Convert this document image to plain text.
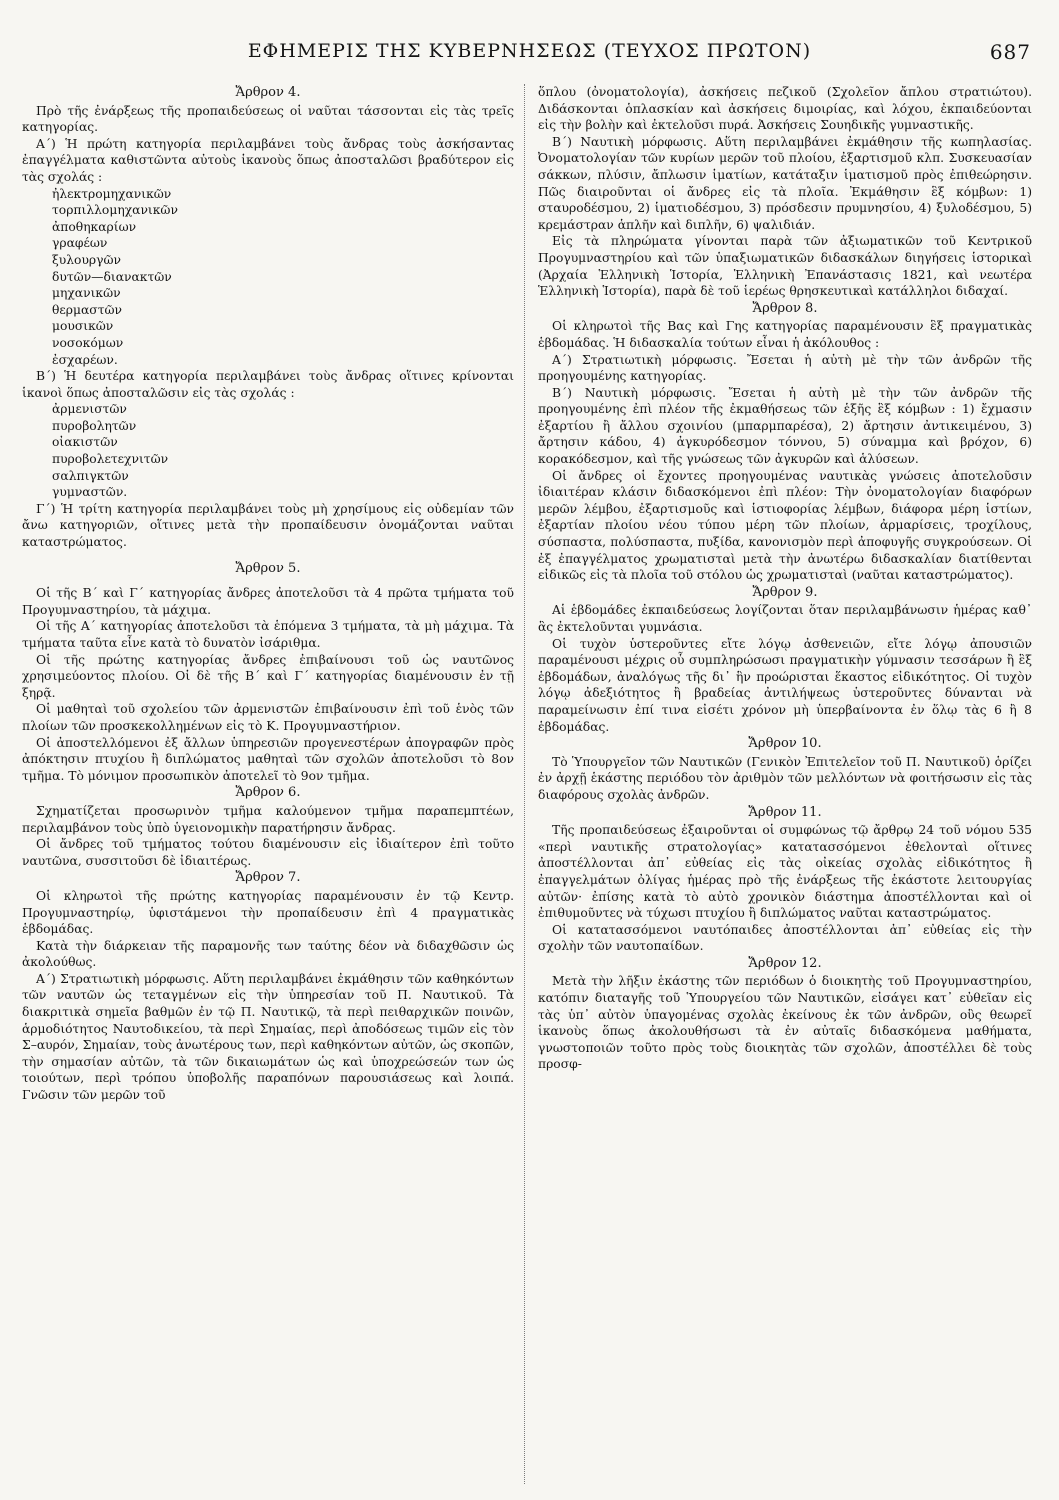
ΕΦΗΜΕΡΙΣ ΤΗΣ ΚΥΒΕΡΝΗΣΕΩΣ (ΤΕΥΧΟΣ ΠΡΩΤΟΝ)	687

Ἄρθρον 4.

Πρὸ τῆς ἐνάρξεως τῆς προπαιδεύσεως οἱ ναῦται τάσσονται εἰς τὰς τρεῖς κατηγορίας.

Α΄) Ἡ πρώτη κατηγορία περιλαμβάνει τοὺς ἄνδρας τοὺς ἀσκήσαντας ἐπαγγέλματα καθιστῶντα αὐτοὺς ἱκανοὺς ὅπως ἀποσταλῶσι βραδύτερον εἰς τὰς σχολάς :

ἠλεκτρομηχανικῶν
τορπιλλομηχανικῶν
ἀποθηκαρίων
γραφέων
ξυλουργῶν
δυτῶν—διανακτῶν
μηχανικῶν
θερμαστῶν
μουσικῶν
νοσοκόμων
ἐσχαρέων.

Β΄) Ἡ δευτέρα κατηγορία περιλαμβάνει τοὺς ἄνδρας οἵτινες κρίνονται ἱκανοὶ ὅπως ἀποσταλῶσιν εἰς τὰς σχολάς :

ἀρμενιστῶν
πυροβολητῶν
οἰακιστῶν
πυροβολετεχνιτῶν
σαλπιγκτῶν
γυμναστῶν.

Γ΄) Ἡ τρίτη κατηγορία περιλαμβάνει τοὺς μὴ χρησίμους εἰς οὐδεμίαν τῶν ἄνω κατηγοριῶν, οἵτινες μετὰ τὴν προπαίδευσιν ὀνομάζονται ναῦται καταστρώματος.

Ἄρθρον 5.

Οἱ τῆς Β΄ καὶ Γ΄ κατηγορίας ἄνδρες ἀποτελοῦσι τὰ 4 πρῶτα τμήματα τοῦ Προγυμναστηρίου, τὰ μάχιμα.

Οἱ τῆς Α΄ κατηγορίας ἀποτελοῦσι τὰ ἑπόμενα 3 τμήματα, τὰ μὴ μάχιμα. Τὰ τμήματα ταῦτα εἶνε κατὰ τὸ δυνατὸν ἰσάριθμα.

Οἱ τῆς πρώτης κατηγορίας ἄνδρες ἐπιβαίνουσι τοῦ ὡς ναυτῶνος χρησιμεύοντος πλοίου. Οἱ δὲ τῆς Β΄ καὶ Γ΄ κατηγορίας διαμένουσιν ἐν τῇ ξηρᾷ.

Οἱ μαθηταὶ τοῦ σχολείου τῶν ἀρμενιστῶν ἐπιβαίνουσιν ἐπὶ τοῦ ἑνὸς τῶν πλοίων τῶν προσκεκολλημένων εἰς τὸ Κ. Προγυμναστήριον.

Οἱ ἀποστελλόμενοι ἐξ ἄλλων ὑπηρεσιῶν προγενεστέρων ἀπογραφῶν πρὸς ἀπόκτησιν πτυχίου ἢ διπλώματος μαθηταὶ τῶν σχολῶν ἀποτελοῦσι τὸ 8ον τμῆμα. Τὸ μόνιμον προσωπικὸν ἀποτελεῖ τὸ 9ον τμῆμα.

Ἄρθρον 6.

Σχηματίζεται προσωρινὸν τμῆμα καλούμενον τμῆμα παραπεμπτέων, περιλαμβάνον τοὺς ὑπὸ ὑγειονομικὴν παρατήρησιν ἄνδρας.

Οἱ ἄνδρες τοῦ τμήματος τούτου διαμένουσιν εἰς ἰδιαίτερον ἐπὶ τοῦτο ναυτῶνα, συσσιτοῦσι δὲ ἰδιαιτέρως.

Ἄρθρον 7.

Οἱ κληρωτοὶ τῆς πρώτης κατηγορίας παραμένουσιν ἐν τῷ Κεντρ. Προγυμναστηρίῳ, ὑφιστάμενοι τὴν προπαίδευσιν ἐπὶ 4 πραγματικὰς ἑβδομάδας.

Κατὰ τὴν διάρκειαν τῆς παραμονῆς των ταύτης δέον νὰ διδαχθῶσιν ὡς ἀκολούθως.

Α΄) Στρατιωτικὴ μόρφωσις. Αὕτη περιλαμβάνει ἐκμάθησιν τῶν καθηκόντων τῶν ναυτῶν ὡς τεταγμένων εἰς τὴν ὑπηρεσίαν τοῦ Π. Ναυτικοῦ. Τὰ διακριτικὰ σημεῖα βαθμῶν ἐν τῷ Π. Ναυτικῷ, τὰ περὶ πειθαρχικῶν ποινῶν, ἁρμοδιότητος Ναυτοδικείου, τὰ περὶ Σημαίας, περὶ ἀποδόσεως τιμῶν εἰς τὸν Σ–αυρόν, Σημαίαν, τοὺς ἀνωτέρους των, περὶ καθηκόντων αὐτῶν, ὡς σκοπῶν, τὴν σημασίαν αὐτῶν, τὰ τῶν δικαιωμάτων ὡς καὶ ὑποχρεώσεών των ὡς τοιούτων, περὶ τρόπου ὑποβολῆς παραπόνων παρουσιάσεως καὶ λοιπά. Γνῶσιν τῶν μερῶν τοῦ

ὅπλου (ὀνοματολογία), ἀσκήσεις πεζικοῦ (Σχολεῖον ἄπλου στρατιώτου). Διδάσκονται ὁπλασκίαν καὶ ἀσκήσεις διμοιρίας, καὶ λόχου, ἐκπαιδεύονται εἰς τὴν βολὴν καὶ ἐκτελοῦσι πυρά. Ἀσκήσεις Σουηδικῆς γυμναστικῆς.

Β΄) Ναυτικὴ μόρφωσις. Αὕτη περιλαμβάνει ἐκμάθησιν τῆς κωπηλασίας. Ὀνοματολογίαν τῶν κυρίων μερῶν τοῦ πλοίου, ἐξαρτισμοῦ κλπ. Συσκευασίαν σάκκων, πλύσιν, ἄπλωσιν ἱματίων, κατάταξιν ἱματισμοῦ πρὸς ἐπιθεώρησιν. Πῶς διαιροῦνται οἱ ἄνδρες εἰς τὰ πλοῖα. Ἐκμάθησιν ἓξ κόμβων: 1) σταυροδέσμου, 2) ἱματιοδέσμου, 3) πρόσδεσιν πρυμνησίου, 4) ξυλοδέσμου, 5) κρεμάστραν ἁπλῆν καὶ διπλῆν, 6) ψαλιδιάν.

Εἰς τὰ πληρώματα γίνονται παρὰ τῶν ἀξιωματικῶν τοῦ Κεντρικοῦ Προγυμναστηρίου καὶ τῶν ὑπαξιωματικῶν διδασκάλων διηγήσεις ἱστορικαὶ (Ἀρχαία Ἑλληνικὴ Ἱστορία, Ἑλληνικὴ Ἐπανάστασις 1821, καὶ νεωτέρα Ἑλληνικὴ Ἱστορία), παρὰ δὲ τοῦ ἱερέως θρησκευτικαὶ κατάλληλοι διδαχαί.

Ἄρθρον 8.

Οἱ κληρωτοὶ τῆς Βας καὶ Γης κατηγορίας παραμένουσιν ἓξ πραγματικὰς ἑβδομάδας. Ἡ διδασκαλία τούτων εἶναι ἡ ἀκόλουθος :

Α΄) Στρατιωτικὴ μόρφωσις. Ἔσεται ἡ αὐτὴ μὲ τὴν τῶν ἀνδρῶν τῆς προηγουμένης κατηγορίας.

Β΄) Ναυτικὴ μόρφωσις. Ἔσεται ἡ αὐτὴ μὲ τὴν τῶν ἀνδρῶν τῆς προηγουμένης ἐπὶ πλέον τῆς ἐκμαθήσεως τῶν ἑξῆς ἓξ κόμβων : 1) ἔχμασιν ἐξαρτίου ἢ ἄλλου σχοινίου (μπαρμπαρέσα), 2) ἄρτησιν ἀντικειμένου, 3) ἄρτησιν κάδου, 4) ἀγκυρόδεσμον τόννου, 5) σύναμμα καὶ βρόχον, 6) κορακόδεσμον, καὶ τῆς γνώσεως τῶν ἀγκυρῶν καὶ ἁλύσεων.

Οἱ ἄνδρες οἱ ἔχοντες προηγουμένας ναυτικὰς γνώσεις ἀποτελοῦσιν ἰδιαιτέραν κλάσιν διδασκόμενοι ἐπὶ πλέον: Τὴν ὀνοματολογίαν διαφόρων μερῶν λέμβου, ἐξαρτισμοῦς καὶ ἱστιοφορίας λέμβων, διάφορα μέρη ἱστίων, ἐξαρτίαν πλοίου νέου τύπου μέρη τῶν πλοίων, ἀρμαρίσεις, τροχίλους, σύσπαστα, πολύσπαστα, πυξίδα, κανονισμὸν περὶ ἀποφυγῆς συγκρούσεων. Οἱ ἐξ ἐπαγγέλματος χρωματισταὶ μετὰ τὴν ἀνωτέρω διδασκαλίαν διατίθενται εἰδικῶς εἰς τὰ πλοῖα τοῦ στόλου ὡς χρωματισταὶ (ναῦται καταστρώματος).

Ἄρθρον 9.

Αἱ ἑβδομάδες ἐκπαιδεύσεως λογίζονται ὅταν περιλαμβάνωσιν ἡμέρας καθ᾽ ἃς ἐκτελοῦνται γυμνάσια.

Οἱ τυχὸν ὑστεροῦντες εἴτε λόγῳ ἀσθενειῶν, εἴτε λόγῳ ἀπουσιῶν παραμένουσι μέχρις οὗ συμπληρώσωσι πραγματικὴν γύμνασιν τεσσάρων ἢ ἓξ ἑβδομάδων, ἀναλόγως τῆς δι᾽ ἣν προώρισται ἕκαστος εἰδικότητος. Οἱ τυχὸν λόγῳ ἀδεξιότητος ἢ βραδείας ἀντιλήψεως ὑστεροῦντες δύνανται νὰ παραμείνωσιν ἐπί τινα εἰσέτι χρόνον μὴ ὑπερβαίνοντα ἐν ὅλῳ τὰς 6 ἢ 8 ἑβδομάδας.

Ἄρθρον 10.

Τὸ Ὑπουργεῖον τῶν Ναυτικῶν (Γενικὸν Ἐπιτελεῖον τοῦ Π. Ναυτικοῦ) ὁρίζει ἐν ἀρχῇ ἑκάστης περιόδου τὸν ἀριθμὸν τῶν μελλόντων νὰ φοιτήσωσιν εἰς τὰς διαφόρους σχολὰς ἀνδρῶν.

Ἄρθρον 11.

Τῆς προπαιδεύσεως ἐξαιροῦνται οἱ συμφώνως τῷ ἄρθρῳ 24 τοῦ νόμου 535 «περὶ ναυτικῆς στρατολογίας» κατατασσόμενοι ἐθελονταὶ οἵτινες ἀποστέλλονται ἀπ᾽ εὐθείας εἰς τὰς οἰκείας σχολὰς εἰδικότητος ἢ ἐπαγγελμάτων ὀλίγας ἡμέρας πρὸ τῆς ἐνάρξεως τῆς ἑκάστοτε λειτουργίας αὐτῶν· ἐπίσης κατὰ τὸ αὐτὸ χρονικὸν διάστημα ἀποστέλλονται καὶ οἱ ἐπιθυμοῦντες νὰ τύχωσι πτυχίου ἢ διπλώματος ναῦται καταστρώματος.

Οἱ κατατασσόμενοι ναυτόπαιδες ἀποστέλλονται ἀπ᾽ εὐθείας εἰς τὴν σχολὴν τῶν ναυτοπαίδων.

Ἄρθρον 12.

Μετὰ τὴν λῆξιν ἑκάστης τῶν περιόδων ὁ διοικητὴς τοῦ Προγυμναστηρίου, κατόπιν διαταγῆς τοῦ Ὑπουργείου τῶν Ναυτικῶν, εἰσάγει κατ᾽ εὐθεῖαν εἰς τὰς ὑπ᾽ αὐτὸν ὑπαγομένας σχολὰς ἐκείνους ἐκ τῶν ἀνδρῶν, οὓς θεωρεῖ ἱκανοὺς ὅπως ἀκολουθήσωσι τὰ ἐν αὐταῖς διδασκόμενα μαθήματα, γνωστοποιῶν τοῦτο πρὸς τοὺς διοικητὰς τῶν σχολῶν, ἀποστέλλει δὲ τοὺς προσφ-
